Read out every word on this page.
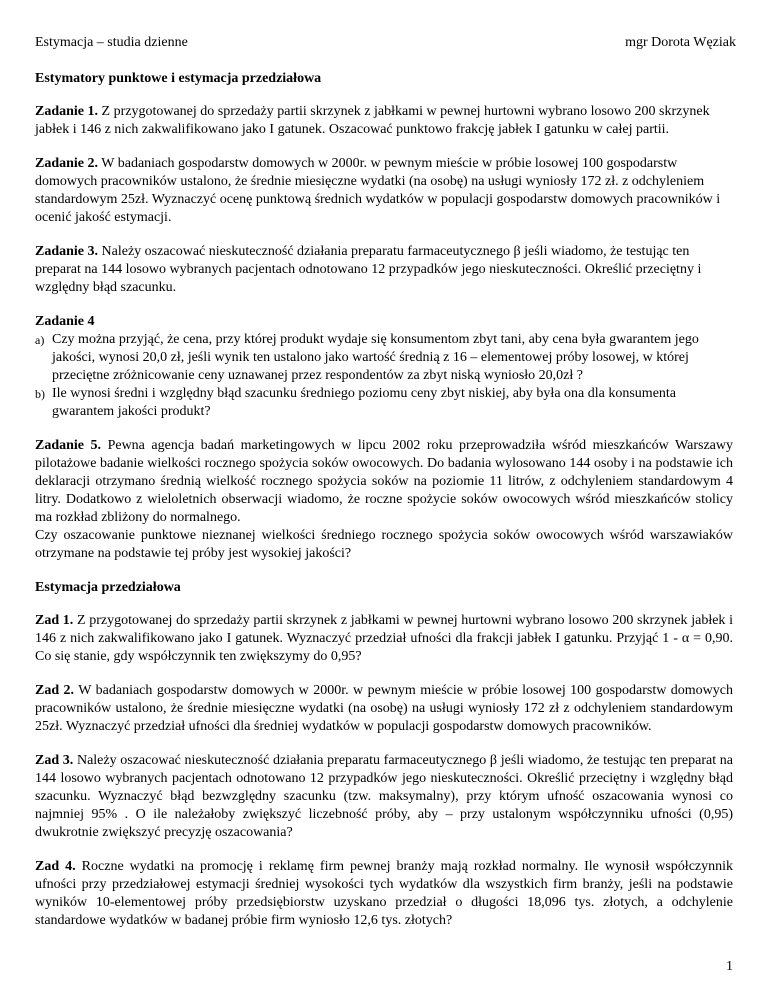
Estymacja – studia dzienne	mgr Dorota Węziak
Estymatory punktowe i estymacja przedziałowa

Zadanie 1. Z przygotowanej do sprzedaży partii skrzynek z jabłkami w pewnej hurtowni wybrano losowo 200 skrzynek jabłek i 146 z nich zakwalifikowano jako I gatunek. Oszacować punktowo frakcję jabłek I gatunku w całej partii.

Zadanie 2. W badaniach gospodarstw domowych w 2000r. w pewnym mieście w próbie losowej 100 gospodarstw domowych pracowników ustalono, że średnie miesięczne wydatki (na osobę) na usługi wyniosły 172 zł. z odchyleniem standardowym 25zł. Wyznaczyć ocenę punktową średnich wydatków w populacji gospodarstw domowych pracowników i ocenić jakość estymacji.

Zadanie 3. Należy oszacować nieskuteczność działania preparatu farmaceutycznego β jeśli wiadomo, że testując ten preparat na 144 losowo wybranych pacjentach odnotowano 12 przypadków jego nieskuteczności. Określić przeciętny i względny błąd szacunku.

Zadanie 4
a) Czy można przyjąć, że cena, przy której produkt wydaje się konsumentom zbyt tani, aby cena była gwarantem jego jakości, wynosi 20,0 zł, jeśli wynik ten ustalono jako wartość średnią z 16 – elementowej próby losowej, w której przeciętne zróżnicowanie ceny uznawanej przez respondentów za zbyt niską wyniosło 20,0zł ?
b) Ile wynosi średni i względny błąd szacunku średniego poziomu ceny zbyt niskiej, aby była ona dla konsumenta gwarantem jakości produkt?

Zadanie 5. Pewna agencja badań marketingowych w lipcu 2002 roku przeprowadziła wśród mieszkańców Warszawy pilotażowe badanie wielkości rocznego spożycia soków owocowych. Do badania wylosowano 144 osoby i na podstawie ich deklaracji otrzymano średnią wielkość rocznego spożycia soków na poziomie 11 litrów, z odchyleniem standardowym 4 litry. Dodatkowo z wieloletnich obserwacji wiadomo, że roczne spożycie soków owocowych wśród mieszkańców stolicy ma rozkład zbliżony do normalnego.
Czy oszacowanie punktowe nieznanej wielkości średniego rocznego spożycia soków owocowych wśród warszawiaków otrzymane na podstawie tej próby jest wysokiej jakości?

Estymacja przedziałowa

Zad 1. Z przygotowanej do sprzedaży partii skrzynek z jabłkami w pewnej hurtowni wybrano losowo 200 skrzynek jabłek i 146 z nich zakwalifikowano jako I gatunek. Wyznaczyć przedział ufności dla frakcji jabłek I gatunku. Przyjąć 1 - α = 0,90. Co się stanie, gdy współczynnik ten zwiększymy do 0,95?

Zad 2. W badaniach gospodarstw domowych w 2000r. w pewnym mieście w próbie losowej 100 gospodarstw domowych pracowników ustalono, że średnie miesięczne wydatki (na osobę) na usługi wyniosły 172 zł z odchyleniem standardowym 25zł. Wyznaczyć przedział ufności dla średniej wydatków w populacji gospodarstw domowych pracowników.

Zad 3. Należy oszacować nieskuteczność działania preparatu farmaceutycznego β jeśli wiadomo, że testując ten preparat na 144 losowo wybranych pacjentach odnotowano 12 przypadków jego nieskuteczności. Określić przeciętny i względny błąd szacunku. Wyznaczyć błąd bezwzględny szacunku (tzw. maksymalny), przy którym ufność oszacowania wynosi co najmniej 95% . O ile należałoby zwiększyć liczebność próby, aby – przy ustalonym współczynniku ufności (0,95) dwukrotnie zwiększyć precyzję oszacowania?

Zad 4. Roczne wydatki na promocję i reklamę firm pewnej branży mają rozkład normalny. Ile wynosił współczynnik ufności przy przedziałowej estymacji średniej wysokości tych wydatków dla wszystkich firm branży, jeśli na podstawie wyników 10-elementowej próby przedsiębiorstw uzyskano przedział o długości 18,096 tys. złotych, a odchylenie standardowe wydatków w badanej próbie firm wyniosło 12,6 tys. złotych?

1
